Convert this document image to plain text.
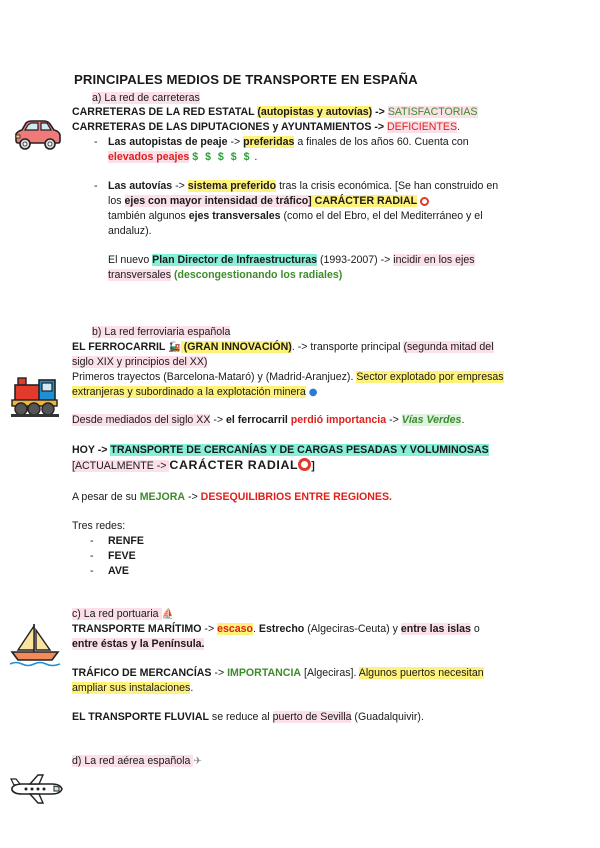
PRINCIPALES MEDIOS DE TRANSPORTE EN ESPAÑA
a) La red de carreteras
CARRETERAS DE LA RED ESTATAL (autopistas y autovías) -> SATISFACTORIAS
CARRETERAS DE LAS DIPUTACIONES y AYUNTAMIENTOS -> DEFICIENTES.
- Las autopistas de peaje -> preferidas a finales de los años 60. Cuenta con
elevados peajes $ $ $ $ $ .
- Las autovías -> sistema preferido tras la crisis económica. [Se han construido en
los ejes con mayor intensidad de tráfico] CARÁCTER RADIAL
también algunos ejes transversales (como el del Ebro, el del Mediterráneo y el
andaluz).
El nuevo Plan Director de Infraestructuras (1993-2007) -> incidir en los ejes
transversales (descongestionando los radiales)
b) La red ferroviaria española
EL FERROCARRIL 🚂 (GRAN INNOVACIÓN). -> transporte principal (segunda mitad del
siglo XIX y principios del XX)
Primeros trayectos (Barcelona-Mataró) y (Madrid-Aranjuez). Sector explotado por empresas
extranjeras y subordinado a la explotación minera ●
Desde mediados del siglo XX -> el ferrocarril perdió importancia -> Vías Verdes.
HOY -> TRANSPORTE DE CERCANÍAS Y DE CARGAS PESADAS Y VOLUMINOSAS
[ACTUALMENTE -> CARÁCTER RADIAL ]
A pesar de su MEJORA -> DESEQUILIBRIOS ENTRE REGIONES.
Tres redes:
- RENFE
- FEVE
- AVE
c) La red portuaria ⛵
TRANSPORTE MARÍTIMO -> escaso. Estrecho (Algeciras-Ceuta) y entre las islas o
entre éstas y la Península.
TRÁFICO DE MERCANCÍAS -> IMPORTANCIA [Algeciras]. Algunos puertos necesitan
ampliar sus instalaciones.
EL TRANSPORTE FLUVIAL se reduce al puerto de Sevilla (Guadalquivir).
d) La red aérea española ✈
